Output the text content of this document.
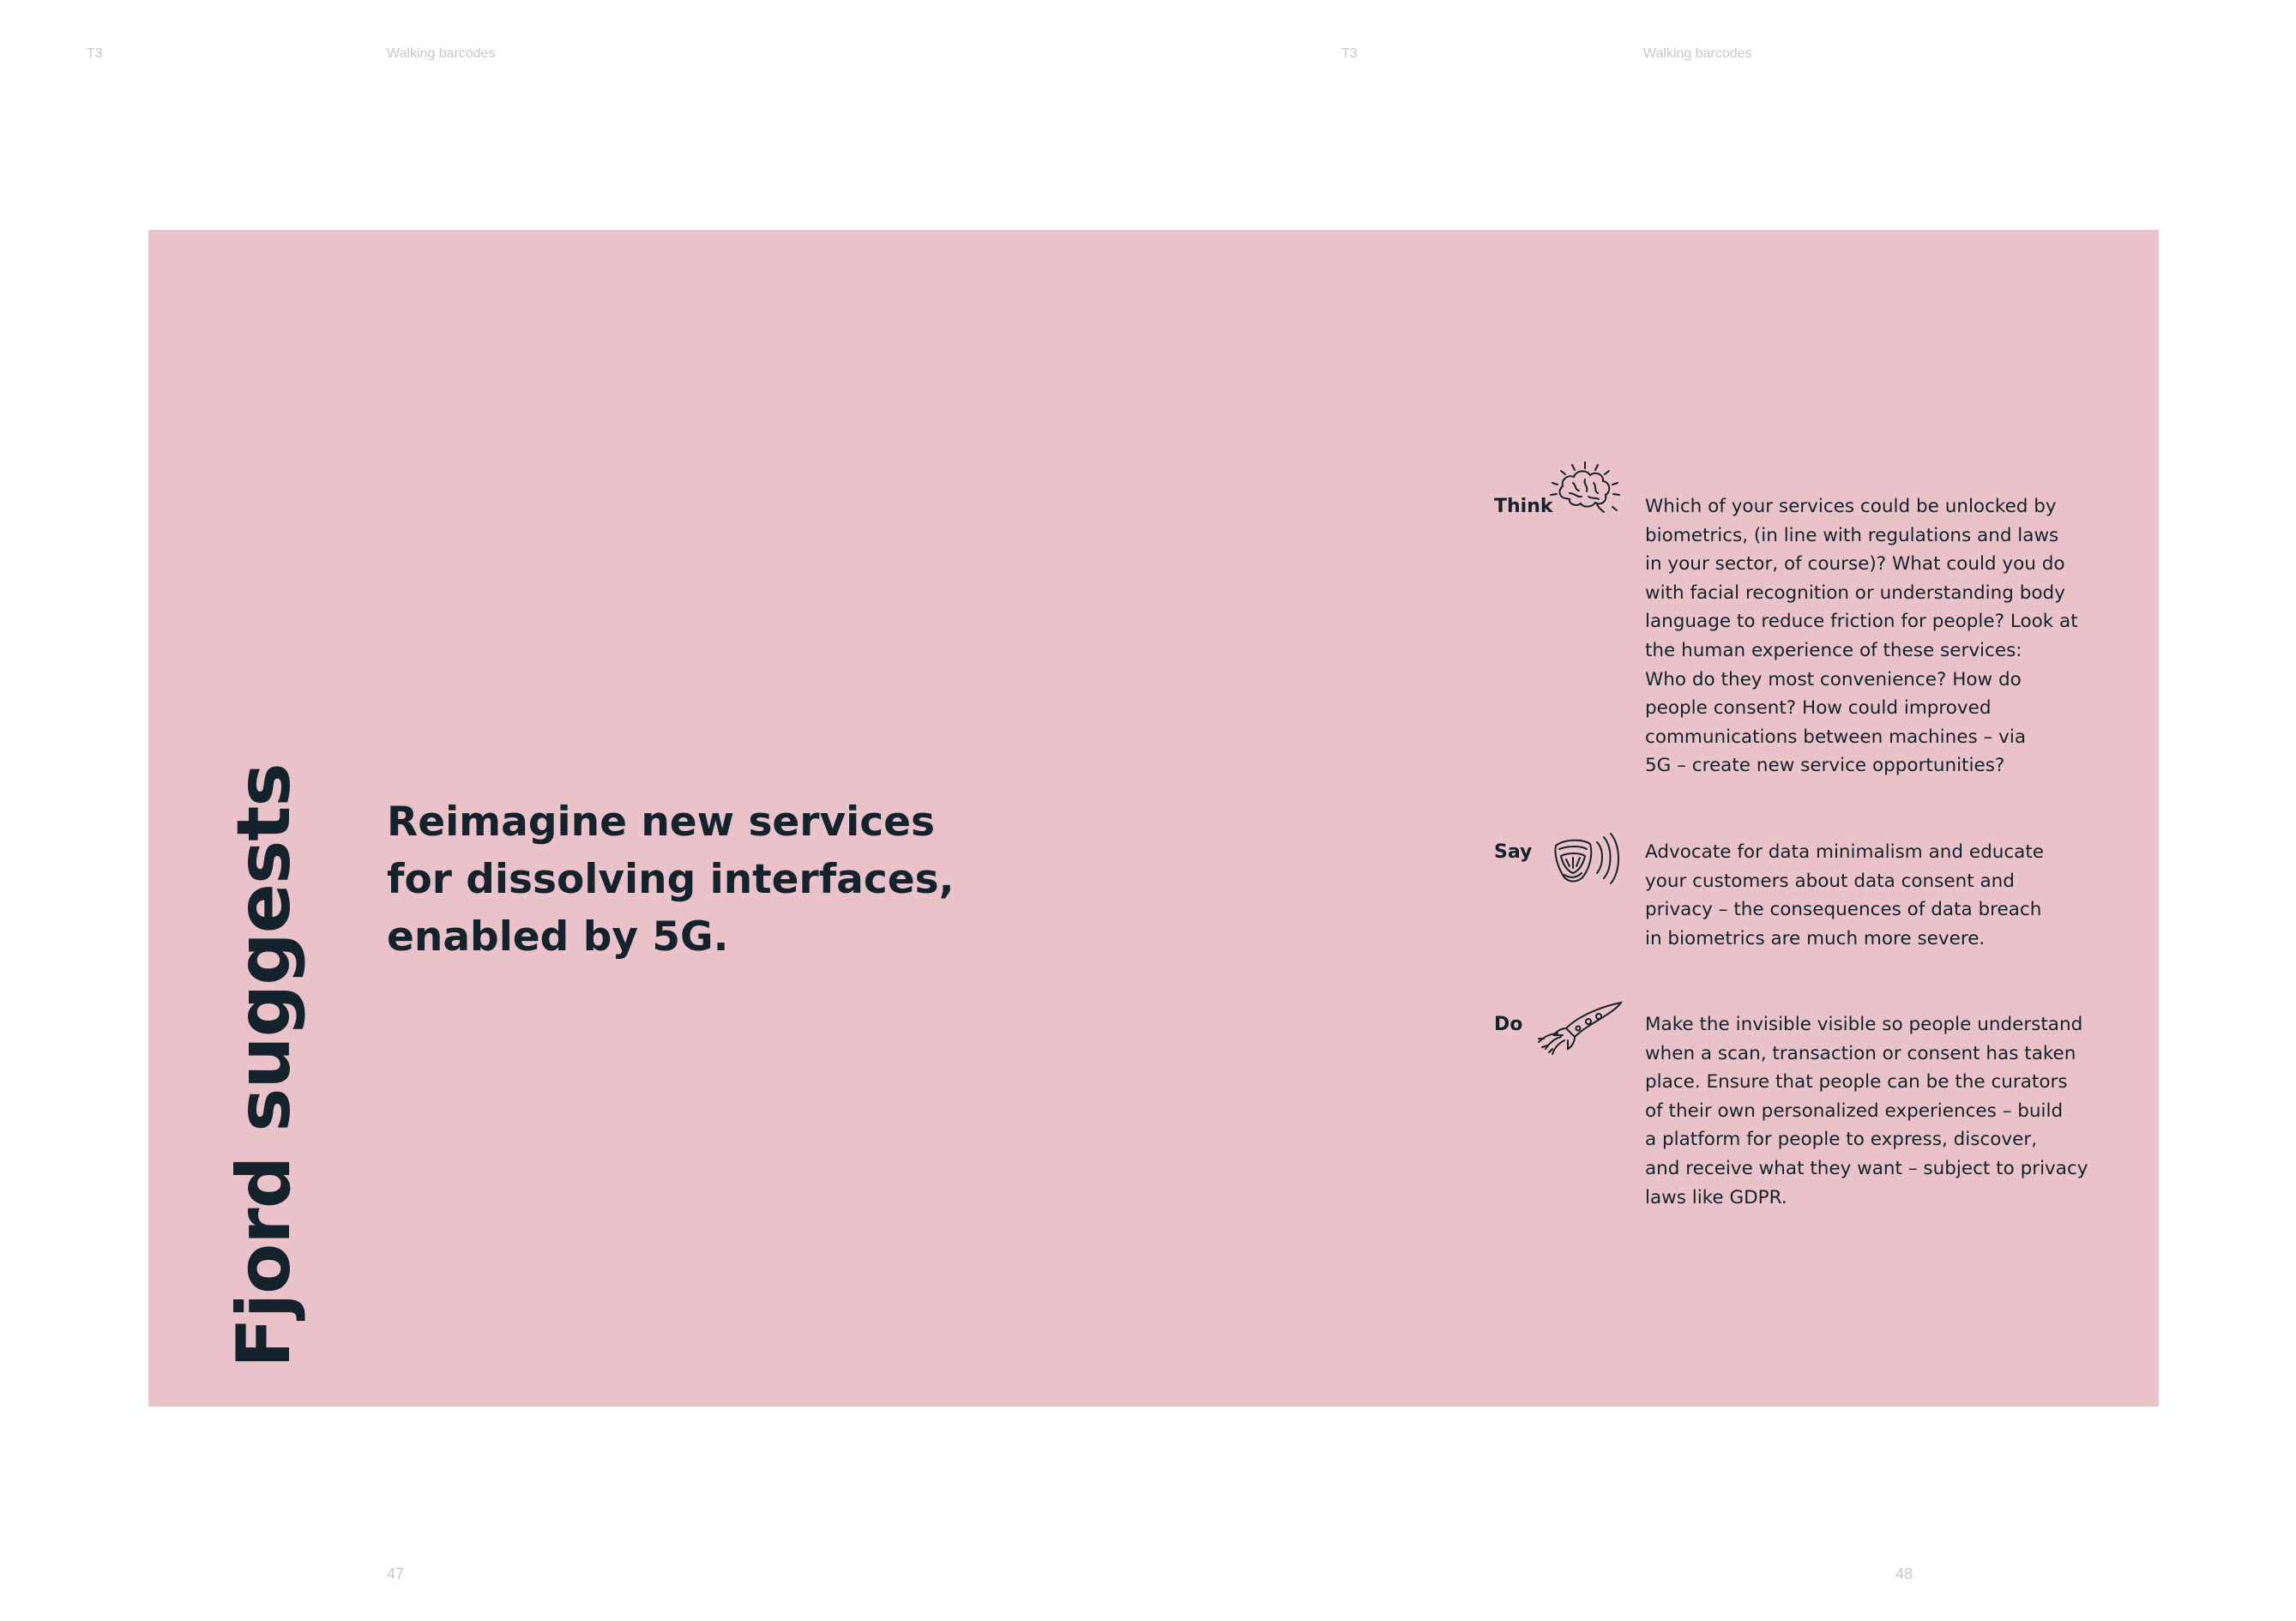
T3	Walking barcodes	T3	Walking barcodes
Fjord suggests Reimagine new services
for dissolving interfaces,
enabled by 5G.
Think	Which of your services could be unlocked by
biometrics, (in line with regulations and laws
in your sector, of course)? What could you do
with facial recognition or understanding body
language to reduce friction for people? Look at
the human experience of these services:
Who do they most convenience? How do
people consent? How could improved
communications between machines – via
5G – create new service opportunities?
Say	Advocate for data minimalism and educate
your customers about data consent and
privacy – the consequences of data breach
in biometrics are much more severe.
Do	Make the invisible visible so people understand
when a scan, transaction or consent has taken
place. Ensure that people can be the curators
of their own personalized experiences – build
a platform for people to express, discover,
and receive what they want – subject to privacy
laws like GDPR.
47	48
